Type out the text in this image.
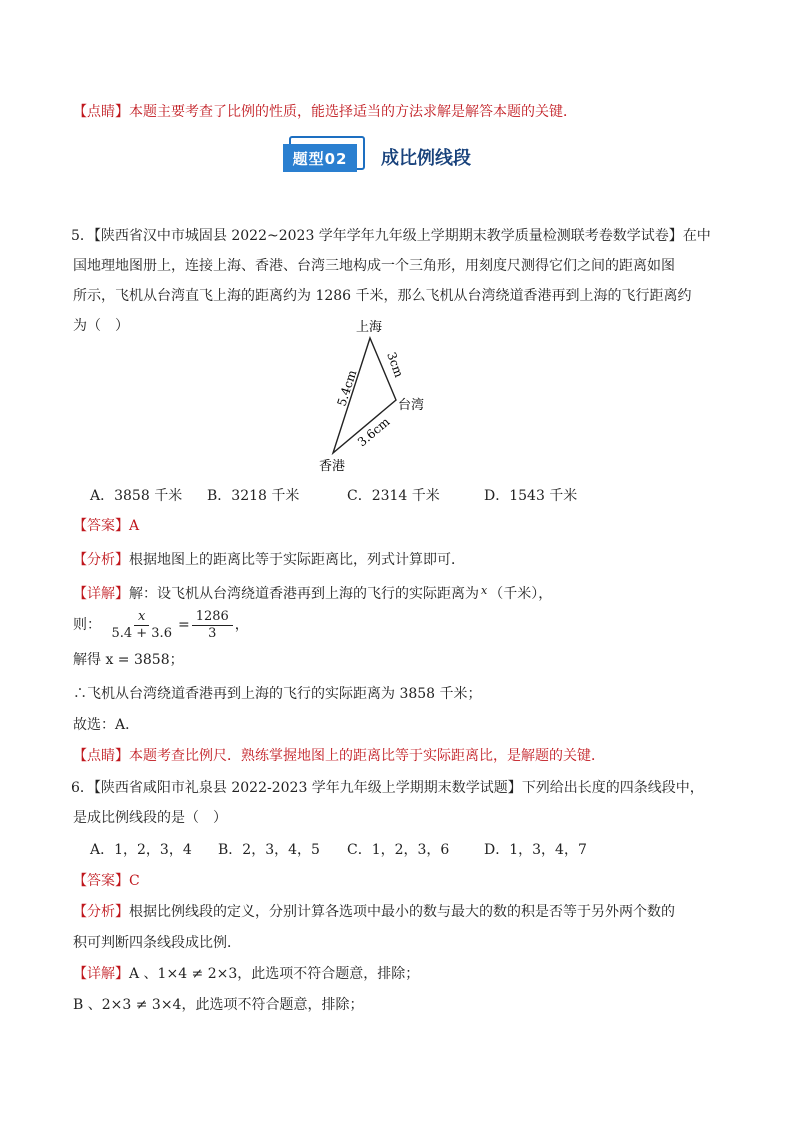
【点睛】本题主要考查了比例的性质，能选择适当的方法求解是解答本题的关键．
题型02	成比例线段
5．【陕西省汉中市城固县 2022~2023 学年学年九年级上学期期末教学质量检测联考卷数学试卷】在中
国地理地图册上，连接上海、香港、台湾三地构成一个三角形，用刻度尺测得它们之间的距离如图
所示，飞机从台湾直飞上海的距离约为 1286 千米，那么飞机从台湾绕道香港再到上海的飞行距离约
为（　）	上海
台湾
香港
5.4cm
3cm
3.6cm
A．3858 千米	B．3218 千米	C．2314 千米	D．1543 千米
【答案】A
【分析】根据地图上的距离比等于实际距离比，列式计算即可．
【详解】解：设飞机从台湾绕道香港再到上海的飞行的实际距离为 $^x$ （千米），
则： $\frac{x}{5.4 + 3.6} = \frac{1286}{3}$ ，
解得 x = 3858；
∴飞机从台湾绕道香港再到上海的飞行的实际距离为 3858 千米；
故选：A．
【点睛】本题考查比例尺．熟练掌握地图上的距离比等于实际距离比，是解题的关键．
6．【陕西省咸阳市礼泉县 2022-2023 学年九年级上学期期末数学试题】下列给出长度的四条线段中，
是成比例线段的是（　）
A．1，2，3，4	B．2，3，4，5	C．1，2，3，6	D．1，3，4，7
【答案】C
【分析】根据比例线段的定义，分别计算各选项中最小的数与最大的数的积是否等于另外两个数的
积可判断四条线段成比例．
【详解】A 、1×4 ≠ 2×3，此选项不符合题意，排除；
B 、2×3 ≠ 3×4，此选项不符合题意，排除；
